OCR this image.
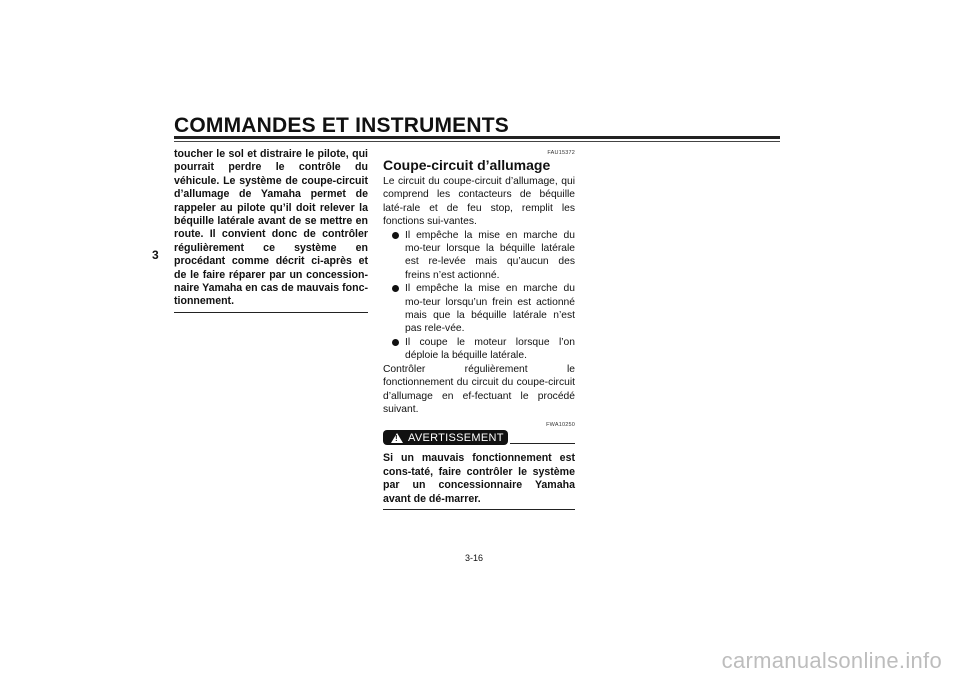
COMMANDES ET INSTRUMENTS
3

toucher le sol et distraire le pilote, qui pourrait perdre le contrôle du véhicule. Le système de coupe-circuit d’allumage de Yamaha permet de rappeler au pilote qu’il doit relever la béquille latérale avant de se mettre en route. Il convient donc de contrôler régulièrement ce système en procédant comme décrit ci-après et de le faire réparer par un concession-naire Yamaha en cas de mauvais fonc-tionnement.

FAU15372
Coupe-circuit d’allumage

Le circuit du coupe-circuit d’allumage, qui comprend les contacteurs de béquille laté-rale et de feu stop, remplit les fonctions sui-vantes.

Il empêche la mise en marche du mo-teur lorsque la béquille latérale est re-levée mais qu’aucun des freins n’est actionné.
Il empêche la mise en marche du mo-teur lorsqu’un frein est actionné mais que la béquille latérale n’est pas rele-vée.
Il coupe le moteur lorsque l’on déploie la béquille latérale.

Contrôler régulièrement le fonctionnement du circuit du coupe-circuit d’allumage en ef-fectuant le procédé suivant.

FWA10250
!
AVERTISSEMENT

Si un mauvais fonctionnement est cons-taté, faire contrôler le système par un concessionnaire Yamaha avant de dé-marrer.

3-16
carmanualsonline.info
